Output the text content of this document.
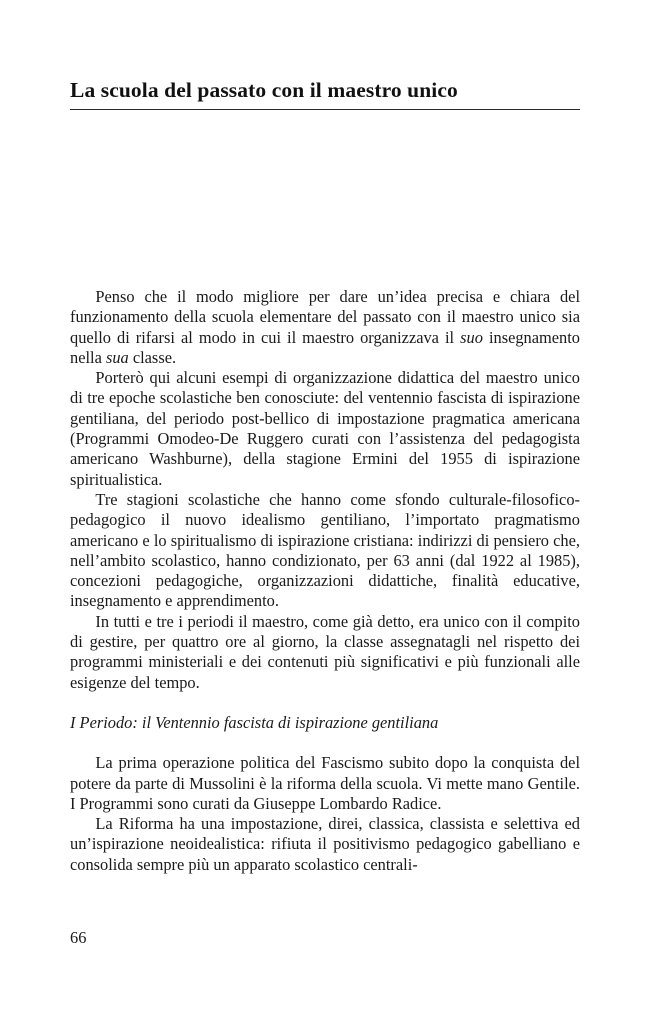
La scuola del passato con il maestro unico

Penso che il modo migliore per dare un’idea precisa e chiara del funzionamento della scuola elementare del passato con il maestro unico sia quello di rifarsi al modo in cui il maestro organizzava il suo insegnamento nella sua classe.

Porterò qui alcuni esempi di organizzazione didattica del maestro unico di tre epoche scolastiche ben conosciute: del ventennio fascista di ispirazione gentiliana, del periodo post-bellico di impostazione pragmatica americana (Programmi Omodeo-De Ruggero curati con l’assistenza del pedagogista americano Washburne), della stagione Ermini del 1955 di ispirazione spiritualistica.

Tre stagioni scolastiche che hanno come sfondo culturale-filosofico-pedagogico il nuovo idealismo gentiliano, l’importato pragmatismo americano e lo spiritualismo di ispirazione cristiana: indirizzi di pensiero che, nell’ambito scolastico, hanno condizionato, per 63 anni (dal 1922 al 1985), concezioni pedagogiche, organizzazioni didattiche, finalità educative, insegnamento e apprendimento.

In tutti e tre i periodi il maestro, come già detto, era unico con il compito di gestire, per quattro ore al giorno, la classe assegnatagli nel rispetto dei programmi ministeriali e dei contenuti più significativi e più funzionali alle esigenze del tempo.

I Periodo: il Ventennio fascista di ispirazione gentiliana

La prima operazione politica del Fascismo subito dopo la conquista del potere da parte di Mussolini è la riforma della scuola. Vi mette mano Gentile. I Programmi sono curati da Giuseppe Lombardo Radice.

La Riforma ha una impostazione, direi, classica, classista e selettiva ed un’ispirazione neoidealistica: rifiuta il positivismo pedagogico gabelliano e consolida sempre più un apparato scolastico centrali-

66
